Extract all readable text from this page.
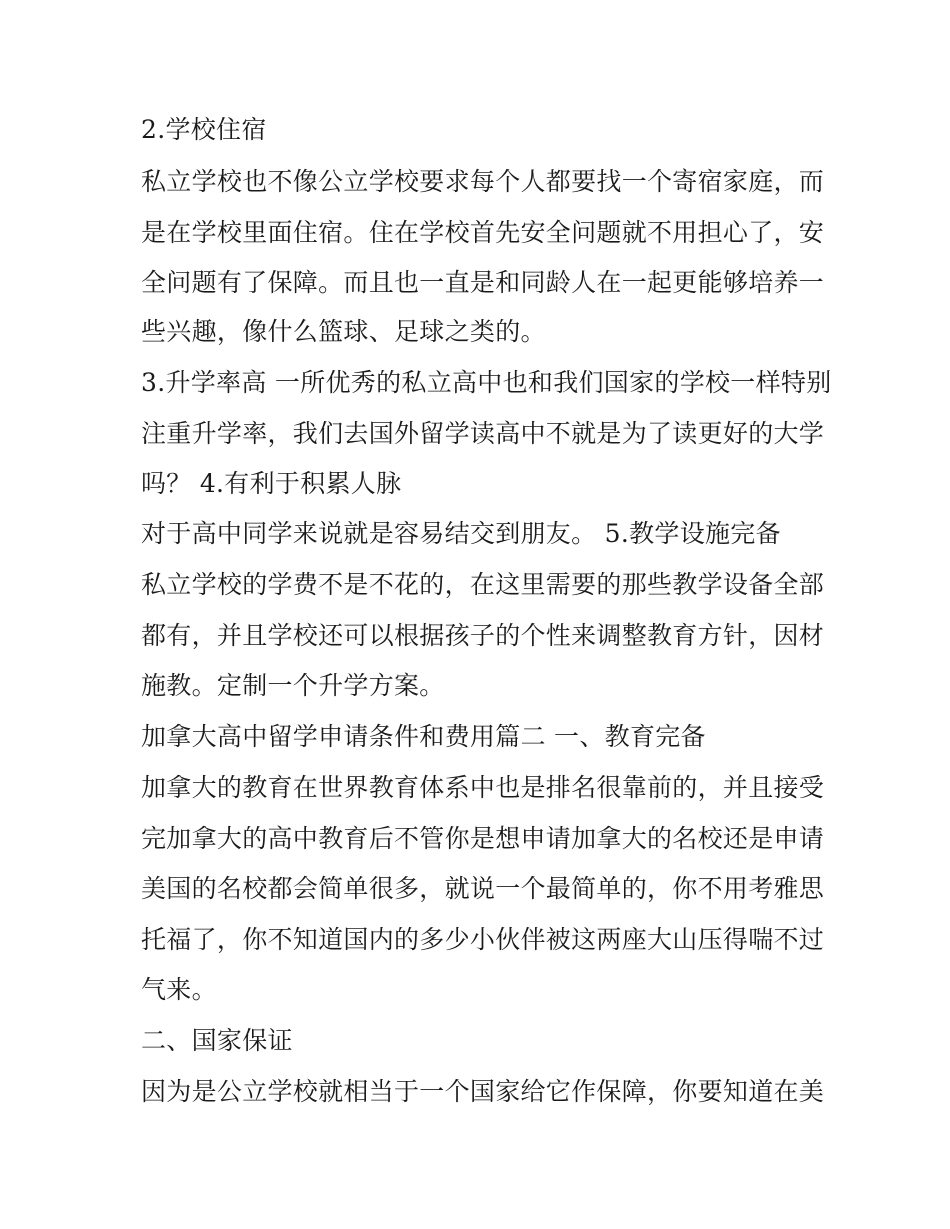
2.学校住宿
私立学校也不像公立学校要求每个人都要找一个寄宿家庭，而
是在学校里面住宿。住在学校首先安全问题就不用担心了，安
全问题有了保障。而且也一直是和同龄人在一起更能够培养一
些兴趣，像什么篮球、足球之类的。
3.升学率高 一所优秀的私立高中也和我们国家的学校一样特别
注重升学率，我们去国外留学读高中不就是为了读更好的大学
吗？ 4.有利于积累人脉
对于高中同学来说就是容易结交到朋友。 5.教学设施完备
私立学校的学费不是不花的，在这里需要的那些教学设备全部
都有，并且学校还可以根据孩子的个性来调整教育方针，因材
施教。定制一个升学方案。
加拿大高中留学申请条件和费用篇二 一、教育完备
加拿大的教育在世界教育体系中也是排名很靠前的，并且接受
完加拿大的高中教育后不管你是想申请加拿大的名校还是申请
美国的名校都会简单很多，就说一个最简单的，你不用考雅思
托福了，你不知道国内的多少小伙伴被这两座大山压得喘不过
气来。
二、国家保证
因为是公立学校就相当于一个国家给它作保障，你要知道在美
